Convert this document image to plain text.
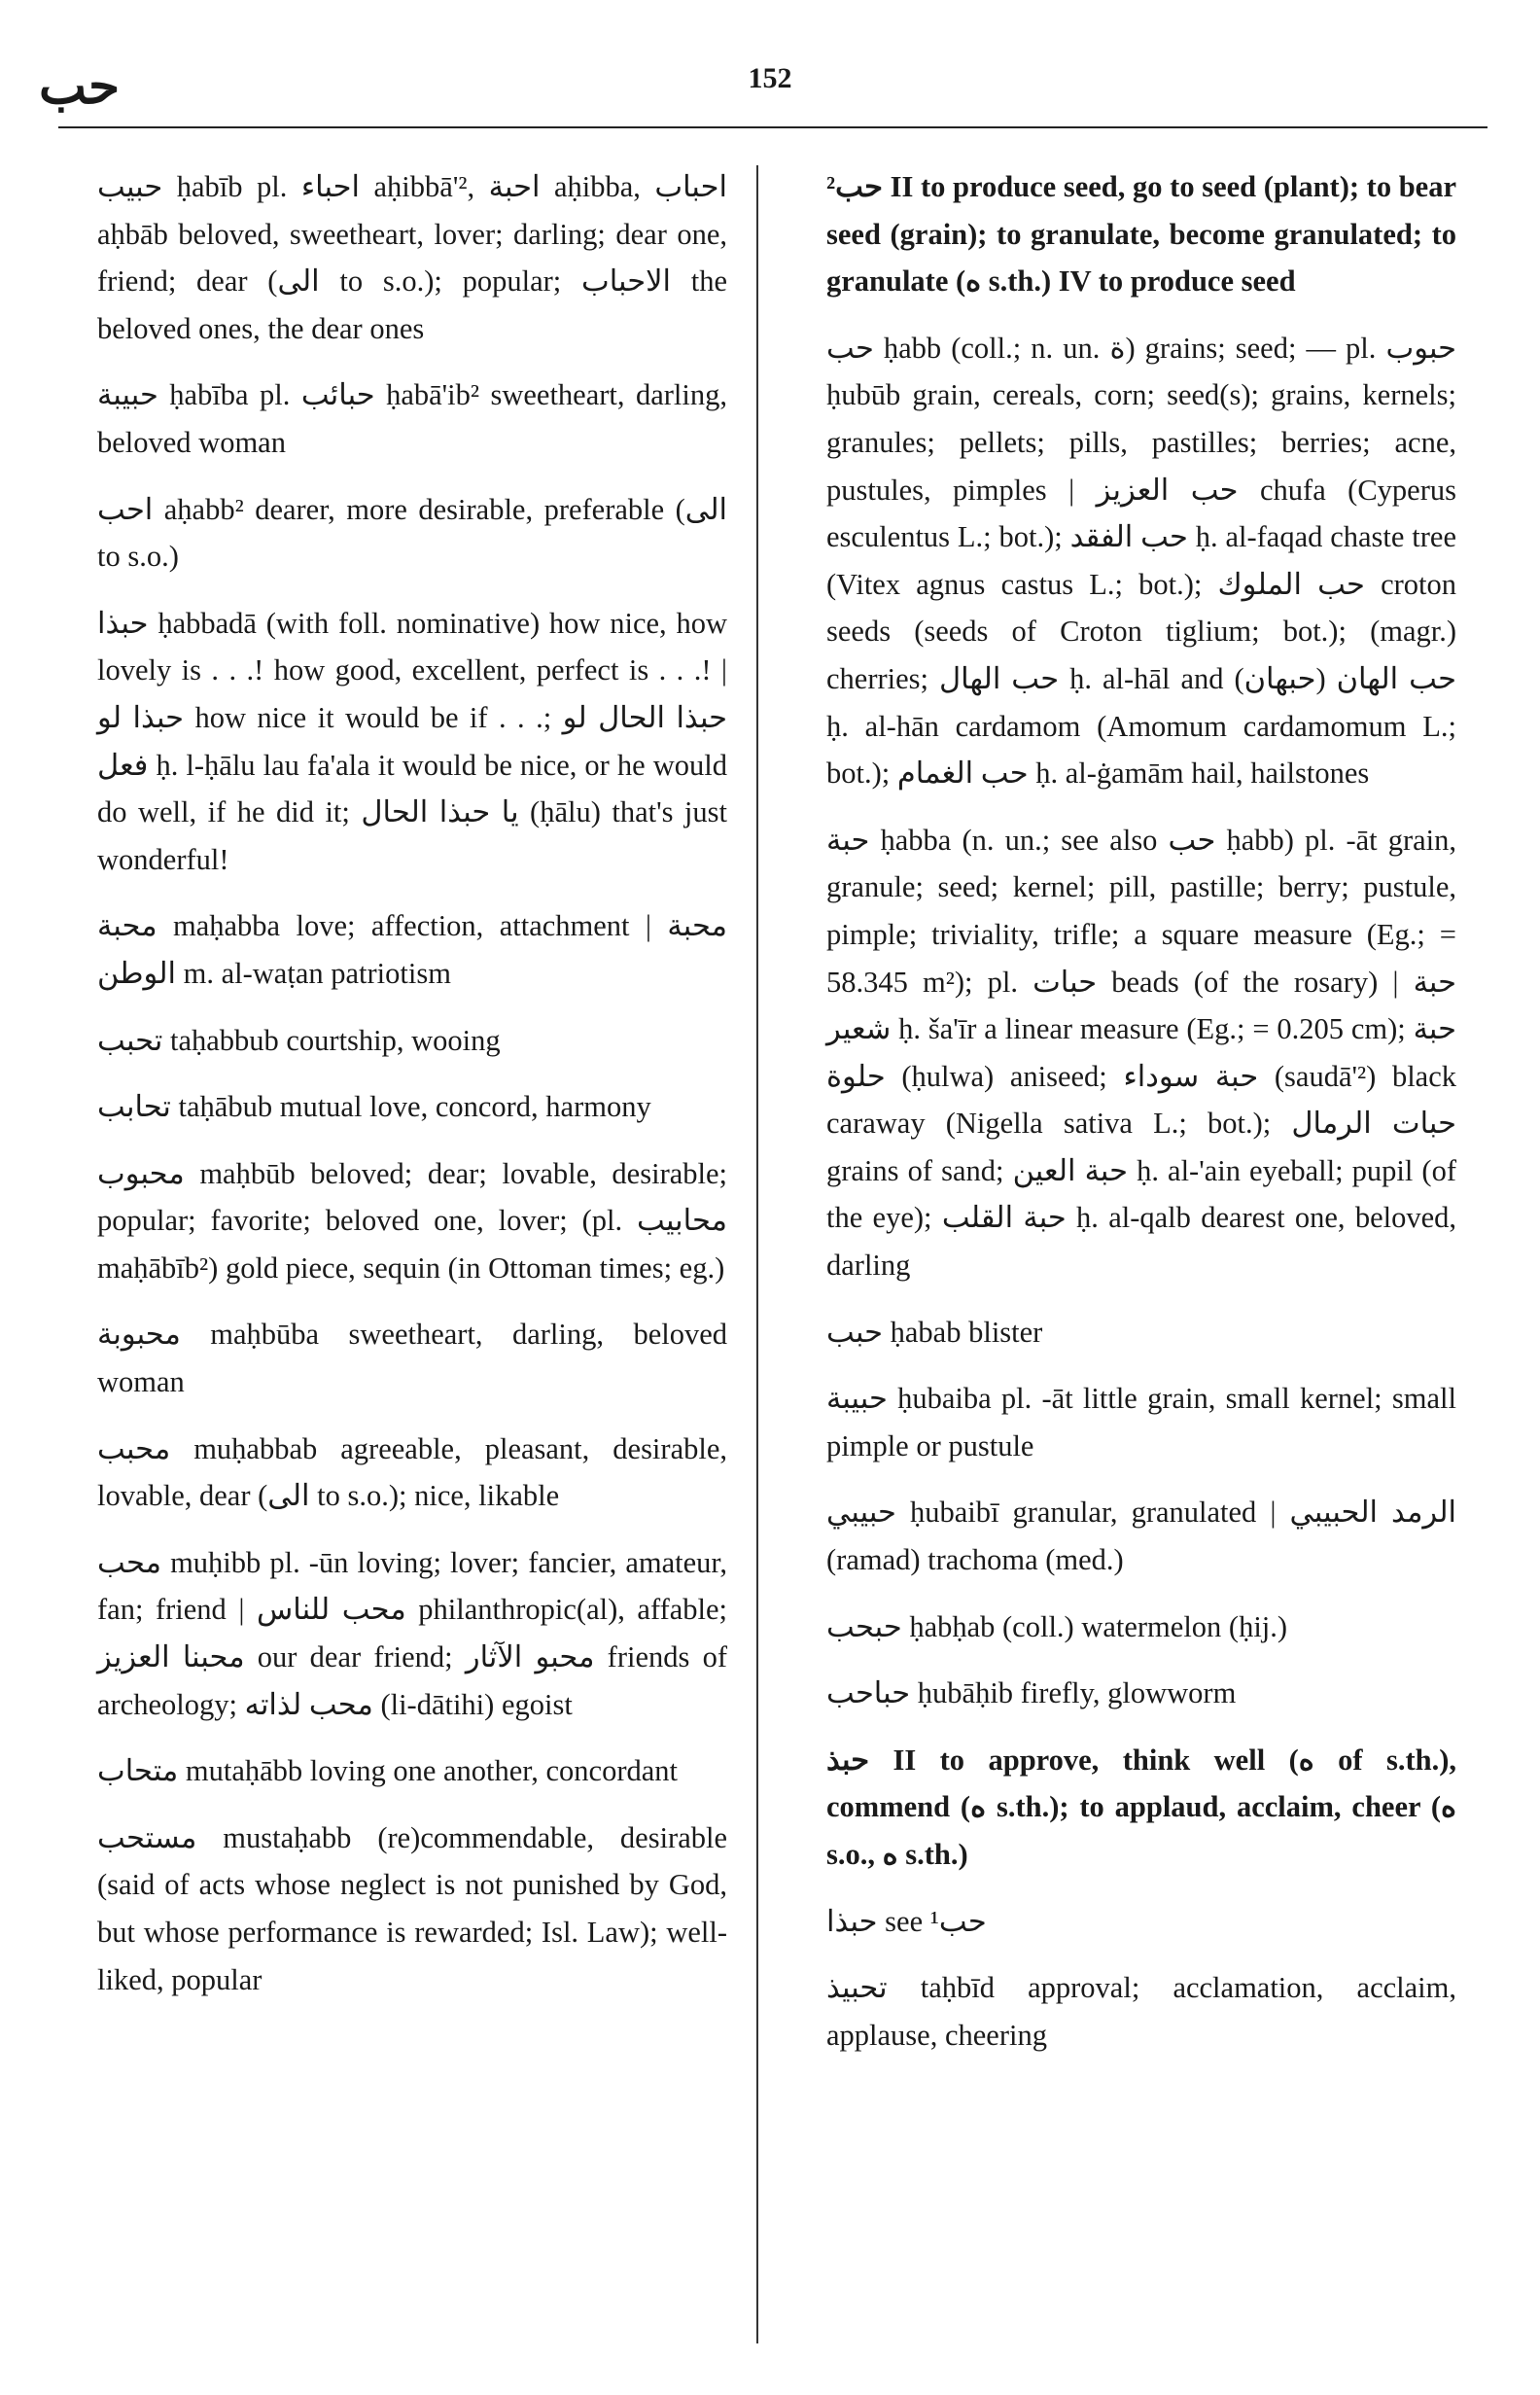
حب	152

حبيب ḥabīb pl. احباء aḥibbā'², احبة aḥibba, احباب aḥbāb beloved, sweetheart, lover; darling; dear one, friend; dear (الى to s.o.); popular; الاحباب the beloved ones, the dear ones

حبيبة ḥabība pl. حبائب ḥabā'ib² sweetheart, darling, beloved woman

احب aḥabb² dearer, more desirable, preferable (الى to s.o.)

حبذا ḥabbadā (with foll. nominative) how nice, how lovely is . . .! how good, excellent, perfect is . . .! | حبذا لو how nice it would be if . . .; حبذا الحال لو فعل ḥ. l-ḥālu lau fa'ala it would be nice, or he would do well, if he did it; يا حبذا الحال (ḥālu) that's just wonderful!

محبة maḥabba love; affection, attachment | محبة الوطن m. al-waṭan patriotism

تحبب taḥabbub courtship, wooing

تحابب taḥābub mutual love, concord, harmony

محبوب maḥbūb beloved; dear; lovable, desirable; popular; favorite; beloved one, lover; (pl. محابيب maḥābīb²) gold piece, sequin (in Ottoman times; eg.)

محبوبة maḥbūba sweetheart, darling, beloved woman

محبب muḥabbab agreeable, pleasant, desirable, lovable, dear (الى to s.o.); nice, likable

محب muḥibb pl. -ūn loving; lover; fancier, amateur, fan; friend | محب للناس philanthropic(al), affable; محبنا العزيز our dear friend; محبو الآثار friends of archeology; محب لذاته (li-dātihi) egoist

متحاب mutaḥābb loving one another, concordant

مستحب mustaḥabb (re)commendable, desirable (said of acts whose neglect is not punished by God, but whose performance is rewarded; Isl. Law); well-liked, popular

²حب II to produce seed, go to seed (plant); to bear seed (grain); to granulate, become granulated; to granulate (ه s.th.) IV to produce seed

حب ḥabb (coll.; n. un. ة) grains; seed; — pl. حبوب ḥubūb grain, cereals, corn; seed(s); grains, kernels; granules; pellets; pills, pastilles; berries; acne, pustules, pimples | حب العزيز chufa (Cyperus esculentus L.; bot.); حب الفقد ḥ. al-faqad chaste tree (Vitex agnus castus L.; bot.); حب الملوك croton seeds (seeds of Croton tiglium; bot.); (magr.) cherries; حب الهال ḥ. al-hāl and (حبهان) حب الهان ḥ. al-hān cardamom (Amomum cardamomum L.; bot.); حب الغمام ḥ. al-ġamām hail, hailstones

حبة ḥabba (n. un.; see also حب ḥabb) pl. -āt grain, granule; seed; kernel; pill, pastille; berry; pustule, pimple; triviality, trifle; a square measure (Eg.; = 58.345 m²); pl. حبات beads (of the rosary) | حبة شعير ḥ. ša'īr a linear measure (Eg.; = 0.205 cm); حبة حلوة (ḥulwa) aniseed; حبة سوداء (saudā'²) black caraway (Nigella sativa L.; bot.); حبات الرمال grains of sand; حبة العين ḥ. al-'ain eyeball; pupil (of the eye); حبة القلب ḥ. al-qalb dearest one, beloved, darling

حبب ḥabab blister

حبيبة ḥubaiba pl. -āt little grain, small kernel; small pimple or pustule

حبيبي ḥubaibī granular, granulated | الرمد الحبيبي (ramad) trachoma (med.)

حبحب ḥabḥab (coll.) watermelon (ḥij.)

حباحب ḥubāḥib firefly, glowworm

حبذ II to approve, think well (ه of s.th.), commend (ه s.th.); to applaud, acclaim, cheer (ه s.o., ه s.th.)

حبذا see ¹حب

تحبيذ taḥbīd approval; acclamation, acclaim, applause, cheering
